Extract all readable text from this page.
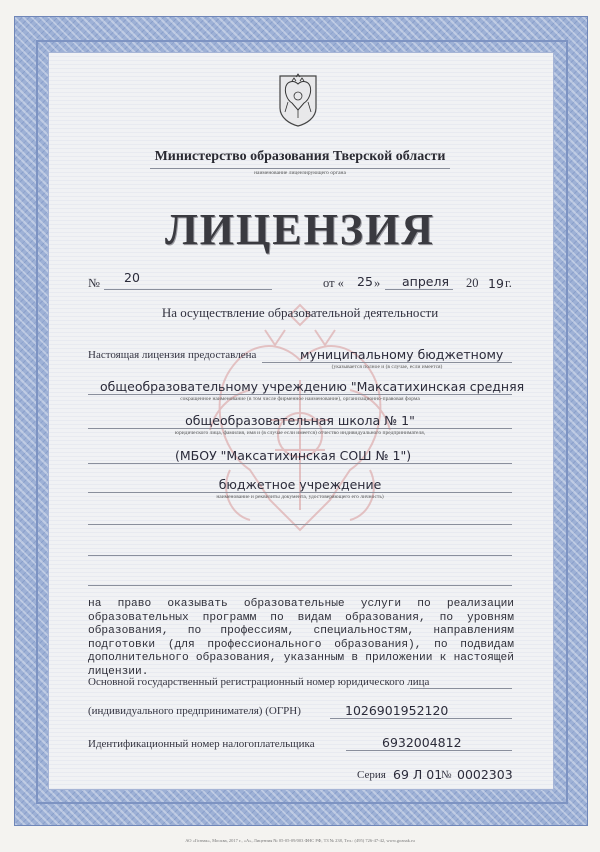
Министерство образования Тверской области
наименование лицензирующего органа
ЛИЦЕНЗИЯ
№ 20	от « 25 » апреля 20 19 г.
На осуществление образовательной деятельности
Настоящая лицензия предоставлена	муниципальному бюджетному
(указывается полное и (в случае, если имеется)
общеобразовательному учреждению "Максатихинская средняя
сокращенное наименование (в том числе фирменное наименование), организационно-правовая форма
общеобразовательная школа № 1"
юридического лица, фамилия, имя и (в случае если имеется) отчество индивидуального предпринимателя,
(МБОУ "Максатихинская СОШ № 1")
бюджетное учреждение
наименование и реквизиты документа, удостоверяющего его личность)
на право оказывать образовательные услуги по реализации образовательных программ по видам образования, по уровням образования, по профессиям, специальностям, направлениям подготовки (для профессионального образования), по подвидам дополнительного образования, указанным в приложении к настоящей лицензии.
Основной государственный регистрационный номер юридического лица
(индивидуального предпринимателя) (ОГРН)	1026901952120
Идентификационный номер налогоплательщика	6932004812
Серия 69 Л 01
№ 0002303
АО «Гознак», Москва, 2017 г., «А», Лицензия № 05-05-09/003 ФНС РФ, ТЗ № 238, Тел.: (495) 726-47-42, www.goznak.ru
